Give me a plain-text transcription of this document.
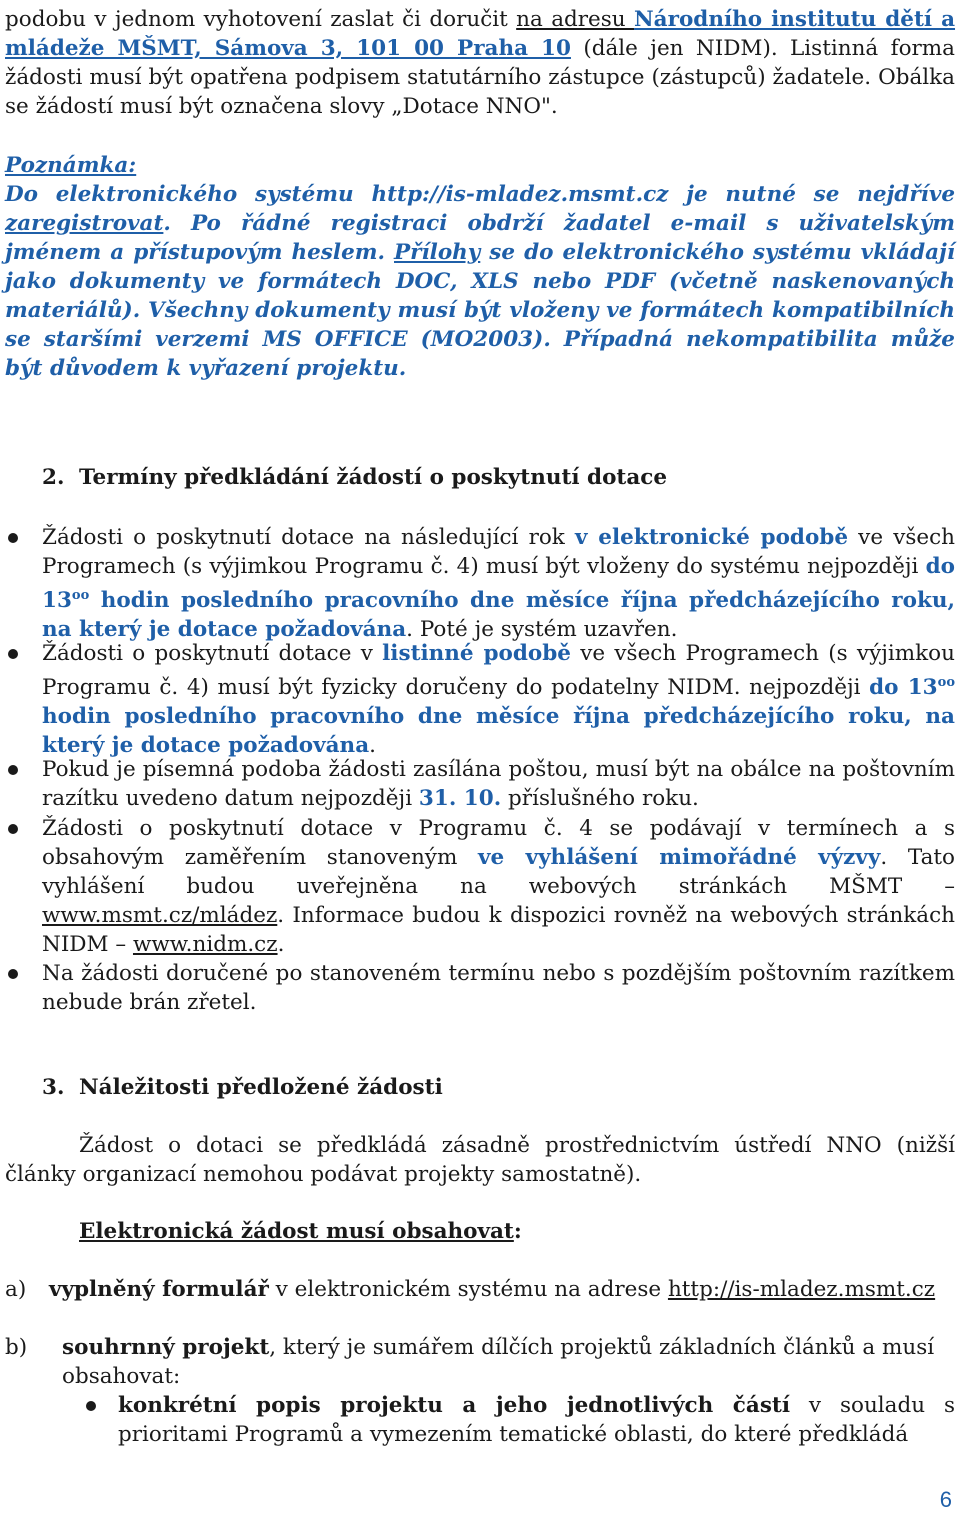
podobu v jednom vyhotovení zaslat či doručit na adresu Národního institutu dětí a mládeže MŠMT, Sámova 3, 101 00 Praha 10 (dále jen NIDM). Listinná forma žádosti musí být opatřena podpisem statutárního zástupce (zástupců) žadatele. Obálka se žádostí musí být označena slovy „Dotace NNO".
Poznámka:
Do elektronického systému http://is-mladez.msmt.cz je nutné se nejdříve zaregistrovat. Po řádné registraci obdrží žadatel e-mail s uživatelským jménem a přístupovým heslem. Přílohy se do elektronického systému vkládají jako dokumenty ve formátech DOC, XLS nebo PDF (včetně naskenovaných materiálů). Všechny dokumenty musí být vloženy ve formátech kompatibilních se staršími verzemi MS OFFICE (MO2003). Případná nekompatibilita může být důvodem k vyřazení projektu.
2. Termíny předkládání žádostí o poskytnutí dotace
Žádosti o poskytnutí dotace na následující rok v elektronické podobě ve všech Programech (s výjimkou Programu č. 4) musí být vloženy do systému nejpozději do $13^{oo}$ hodin posledního pracovního dne měsíce října předcházejícího roku, na který je dotace požadována. Poté je systém uzavřen.
Žádosti o poskytnutí dotace v listinné podobě ve všech Programech (s výjimkou Programu č. 4) musí být fyzicky doručeny do podatelny NIDM. nejpozději do $13^{oo}$ hodin posledního pracovního dne měsíce října předcházejícího roku, na který je dotace požadována.
Pokud je písemná podoba žádosti zasílána poštou, musí být na obálce na poštovním razítku uvedeno datum nejpozději 31. 10. příslušného roku.
Žádosti o poskytnutí dotace v Programu č. 4 se podávají v termínech a s obsahovým zaměřením stanoveným ve vyhlášení mimořádné výzvy. Tato vyhlášení budou uveřejněna na webových stránkách MŠMT – www.msmt.cz/mládez. Informace budou k dispozici rovněž na webových stránkách NIDM – www.nidm.cz.
Na žádosti doručené po stanoveném termínu nebo s pozdějším poštovním razítkem nebude brán zřetel.
3. Náležitosti předložené žádosti
Žádost o dotaci se předkládá zásadně prostřednictvím ústředí NNO (nižší články organizací nemohou podávat projekty samostatně).
Elektronická žádost musí obsahovat:
a)	vyplněný formulář v elektronickém systému na adrese http://is-mladez.msmt.cz
b)	souhrnný projekt, který je sumářem dílčích projektů základních článků a musí obsahovat:
konkrétní popis projektu a jeho jednotlivých částí v souladu s prioritami Programů a vymezením tematické oblasti, do které předkládá
6
